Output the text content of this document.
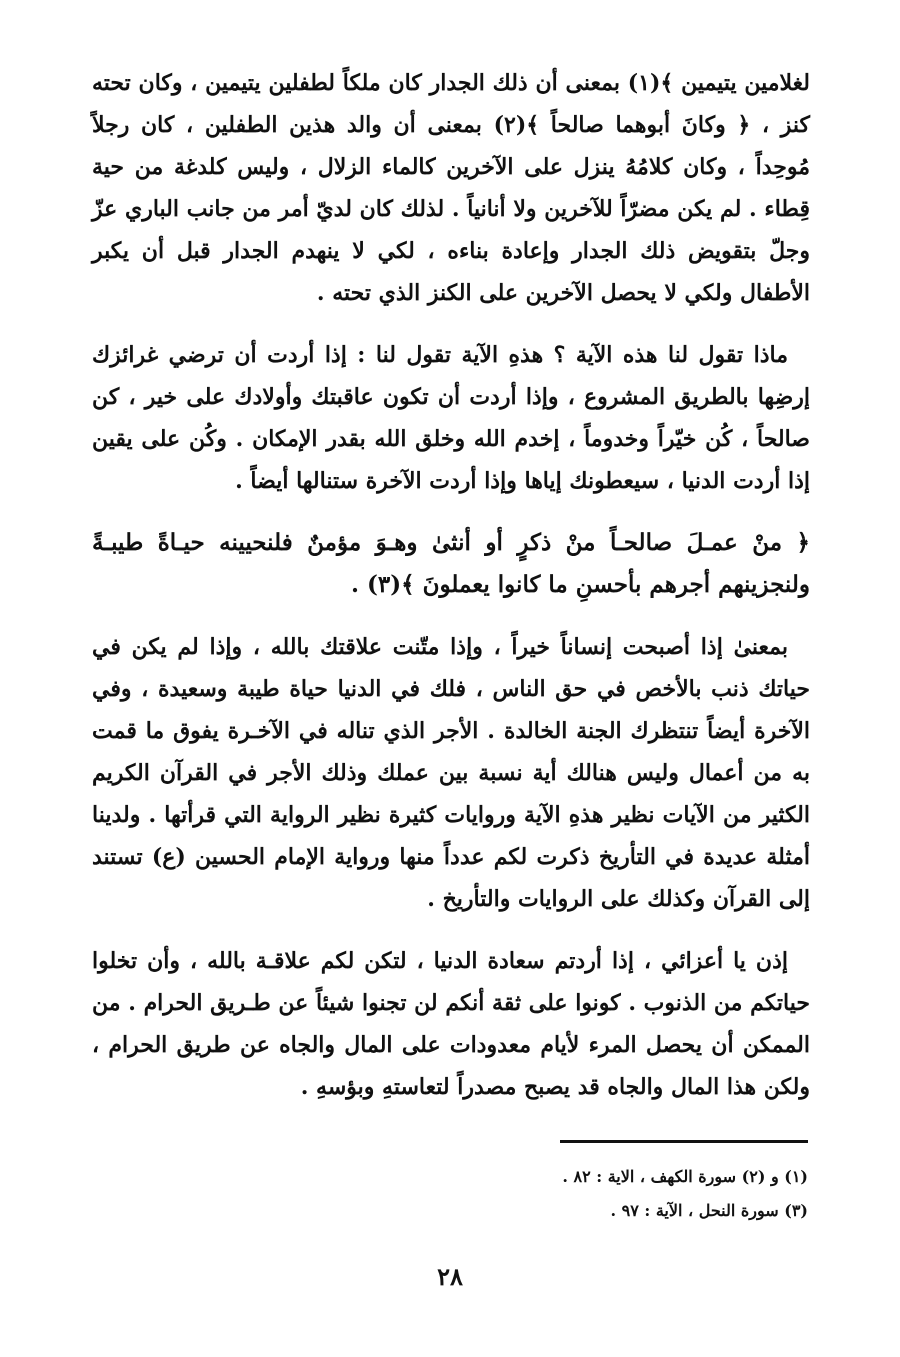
لغلامين يتيمين ﴾(١) بمعنى أن ذلك الجدار كان ملكاً لطفلين يتيمين ، وكان تحته كنز ، ﴿ وكانَ أبوهما صالحاً ﴾(٢) بمعنى أن والد هذين الطفلين ، كان رجلاً مُوحِداً ، وكان كلامُهُ ينزل على الآخرين كالماء الزلال ، وليس كلدغة من حية قِطاء . لم يكن مضرّاً للآخرين ولا أنانياً . لذلك كان لديّ أمر من جانب الباري عزّ وجلّ بتقويض ذلك الجدار وإعادة بناءه ، لكي لا ينهدم الجدار قبل أن يكبر الأطفال ولكي لا يحصل الآخرين على الكنز الذي تحته .

ماذا تقول لنا هذه الآية ؟ هذهِ الآية تقول لنا : إذا أردت أن ترضي غرائزك إرضِها بالطريق المشروع ، وإذا أردت أن تكون عاقبتك وأولادك على خير ، كن صالحاً ، كُن خيّراً وخدوماً ، إخدم الله وخلق الله بقدر الإمكان . وكُن على يقين إذا أردت الدنيا ، سيعطونك إياها وإذا أردت الآخرة ستنالها أيضاً .

﴿ منْ عمـلَ صالحـاً منْ ذكرٍ أو أنثىٰ وهـوَ مؤمنٌ فلنحيينه حيـاةً طيبـةً ولنجزينهم أجرهم بأحسنِ ما كانوا يعملونَ ﴾(٣) .

بمعنىٰ إذا أصبحت إنساناً خيراً ، وإذا متّنت علاقتك بالله ، وإذا لم يكن في حياتك ذنب بالأخص في حق الناس ، فلك في الدنيا حياة طيبة وسعيدة ، وفي الآخرة أيضاً تنتظرك الجنة الخالدة . الأجر الذي تناله في الآخـرة يفوق ما قمت به من أعمال وليس هنالك أية نسبة بين عملك وذلك الأجر في القرآن الكريم الكثير من الآيات نظير هذهِ الآية وروايات كثيرة نظير الرواية التي قرأتها . ولدينا أمثلة عديدة في التأريخ ذكرت لكم عدداً منها ورواية الإمام الحسين (ع) تستند إلى القرآن وكذلك على الروايات والتأريخ .

إذن يا أعزائي ، إذا أردتم سعادة الدنيا ، لتكن لكم علاقـة بالله ، وأن تخلوا حياتكم من الذنوب . كونوا على ثقة أنكم لن تجنوا شيئاً عن طـريق الحرام . من الممكن أن يحصل المرء لأيام معدودات على المال والجاه عن طريق الحرام ، ولكن هذا المال والجاه قد يصبح مصدراً لتعاستهِ وبؤسهِ .

(١) و (٢) سورة الكهف ، الاية : ٨٢ .
(٣) سورة النحل ، الآية : ٩٧ .
٢٨
